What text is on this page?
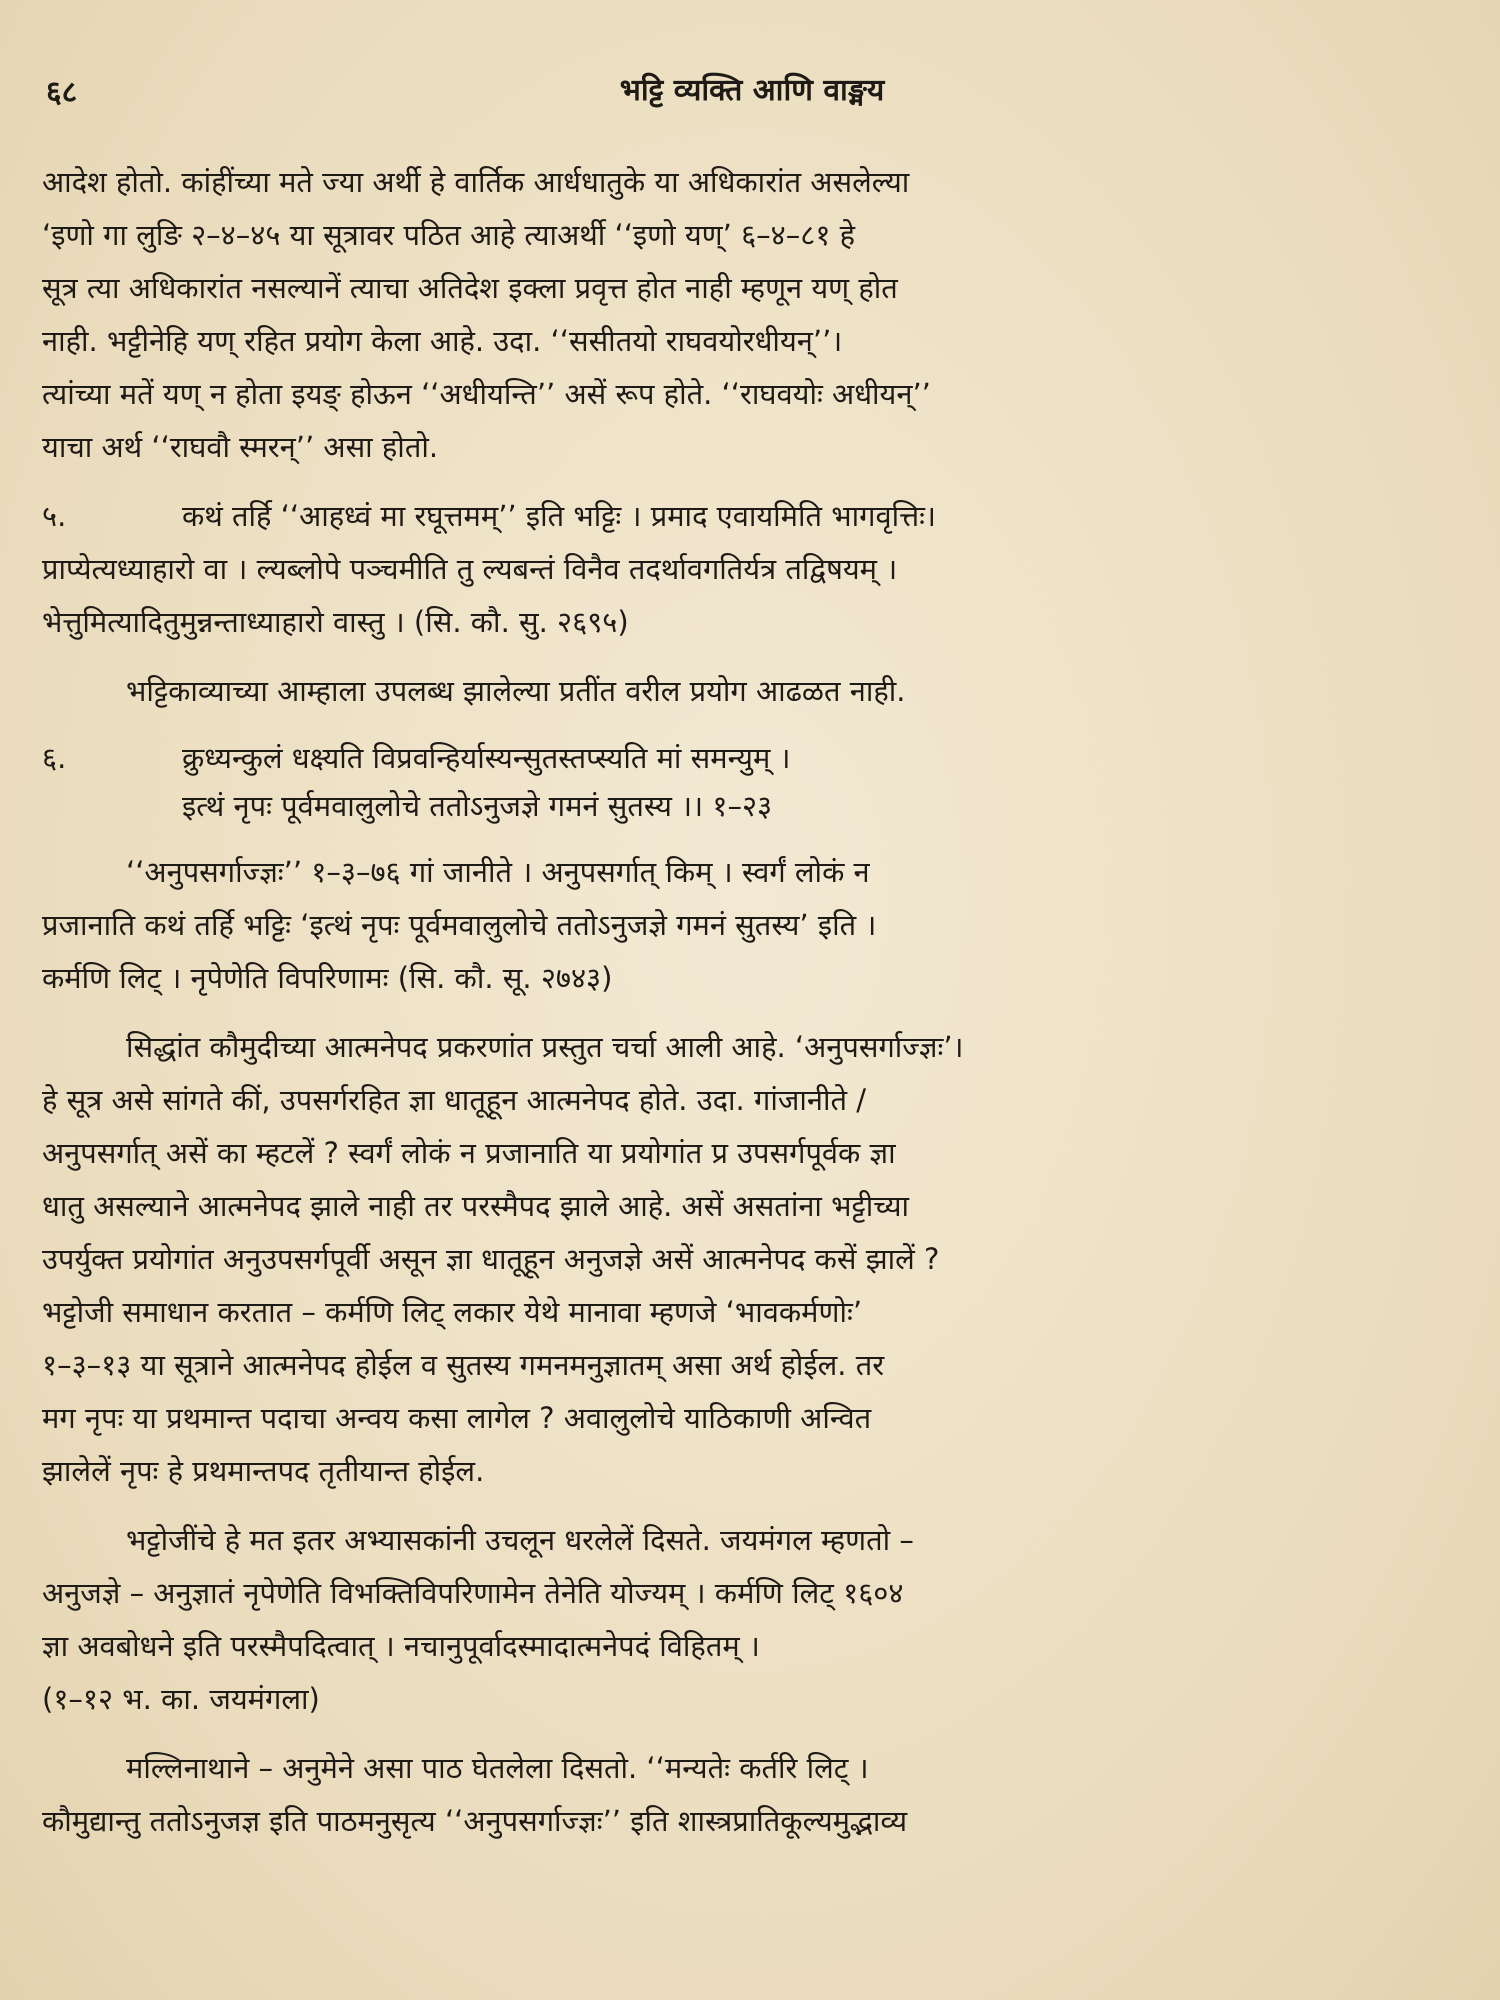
६८	भट्टि व्यक्ति आणि वाङ्मय

आदेश होतो. कांहींच्या मते ज्या अर्थी हे वार्तिक आर्धधातुके या अधिकारांत असलेल्या

‘इणो गा लुङि २–४–४५ या सूत्रावर पठित आहे त्याअर्थी ‘‘इणो यण्’ ६–४–८१ हे

सूत्र त्या अधिकारांत नसल्यानें त्याचा अतिदेश इक्ला प्रवृत्त होत नाही म्हणून यण् होत

नाही. भट्टीनेहि यण् रहित प्रयोग केला आहे. उदा. ‘‘ससीतयो राघवयोरधीयन्’’।

त्यांच्या मतें यण् न होता इयङ् होऊन ‘‘अधीयन्ति’’ असें रूप होते. ‘‘राघवयोः अधीयन्’’

याचा अर्थ ‘‘राघवौ स्मरन्’’ असा होतो.

५.	कथं तर्हि ‘‘आहध्वं मा रघूत्तमम्’’ इति भट्टिः । प्रमाद एवायमिति भागवृत्तिः।

प्राप्येत्यध्याहारो वा । ल्यब्लोपे पञ्चमीति तु ल्यबन्तं विनैव तदर्थावगतिर्यत्र तद्विषयम् ।

भेत्तुमित्यादितुमुन्नन्ताध्याहारो वास्तु । (सि. कौ. सु. २६९५)

भट्टिकाव्याच्या आम्हाला उपलब्ध झालेल्या प्रतींत वरील प्रयोग आढळत नाही.

६.	क्रुध्यन्कुलं धक्ष्यति विप्रवन्हिर्यास्यन्सुतस्तप्स्यति मां समन्युम् ।

इत्थं नृपः पूर्वमवालुलोचे ततोऽनुजज्ञे गमनं सुतस्य ।। १–२३

‘‘अनुपसर्गाज्ज्ञः’’ १–३–७६ गां जानीते । अनुपसर्गात् किम् । स्वर्गं लोकं न

प्रजानाति कथं तर्हि भट्टिः ‘इत्थं नृपः पूर्वमवालुलोचे ततोऽनुजज्ञे गमनं सुतस्य’ इति ।

कर्मणि लिट् । नृपेणेति विपरिणामः (सि. कौ. सू. २७४३)

सिद्धांत कौमुदीच्या आत्मनेपद प्रकरणांत प्रस्तुत चर्चा आली आहे. ‘अनुपसर्गाज्ज्ञः’।

हे सूत्र असे सांगते कीं, उपसर्गरहित ज्ञा धातूहून आत्मनेपद होते. उदा. गांजानीते /

अनुपसर्गात् असें का म्हटलें ? स्वर्गं लोकं न प्रजानाति या प्रयोगांत प्र उपसर्गपूर्वक ज्ञा

धातु असल्याने आत्मनेपद झाले नाही तर परस्मैपद झाले आहे. असें असतांना भट्टीच्या

उपर्युक्त प्रयोगांत अनुउपसर्गपूर्वी असून ज्ञा धातूहून अनुजज्ञे असें आत्मनेपद कसें झालें ?

भट्टोजी समाधान करतात – कर्मणि लिट् लकार येथे मानावा म्हणजे ‘भावकर्मणोः’

१–३–१३ या सूत्राने आत्मनेपद होईल व सुतस्य गमनमनुज्ञातम् असा अर्थ होईल. तर

मग नृपः या प्रथमान्त पदाचा अन्वय कसा लागेल ? अवालुलोचे याठिकाणी अन्वित

झालेलें नृपः हे प्रथमान्तपद तृतीयान्त होईल.

भट्टोजींचे हे मत इतर अभ्यासकांनी उचलून धरलेलें दिसते. जयमंगल म्हणतो –

अनुजज्ञे – अनुज्ञातं नृपेणेति विभक्तिविपरिणामेन तेनेति योज्यम् । कर्मणि लिट् १६०४

ज्ञा अवबोधने इति परस्मैपदित्वात् । नचानुपूर्वादस्मादात्मनेपदं विहितम् ।

(१–१२ भ. का. जयमंगला)

मल्लिनाथाने – अनुमेने असा पाठ घेतलेला दिसतो. ‘‘मन्यतेः कर्तरि लिट् ।

कौमुद्यान्तु ततोऽनुजज्ञ इति पाठमनुसृत्य ‘‘अनुपसर्गाज्ज्ञः’’ इति शास्त्रप्रातिकूल्यमुद्भाव्य
